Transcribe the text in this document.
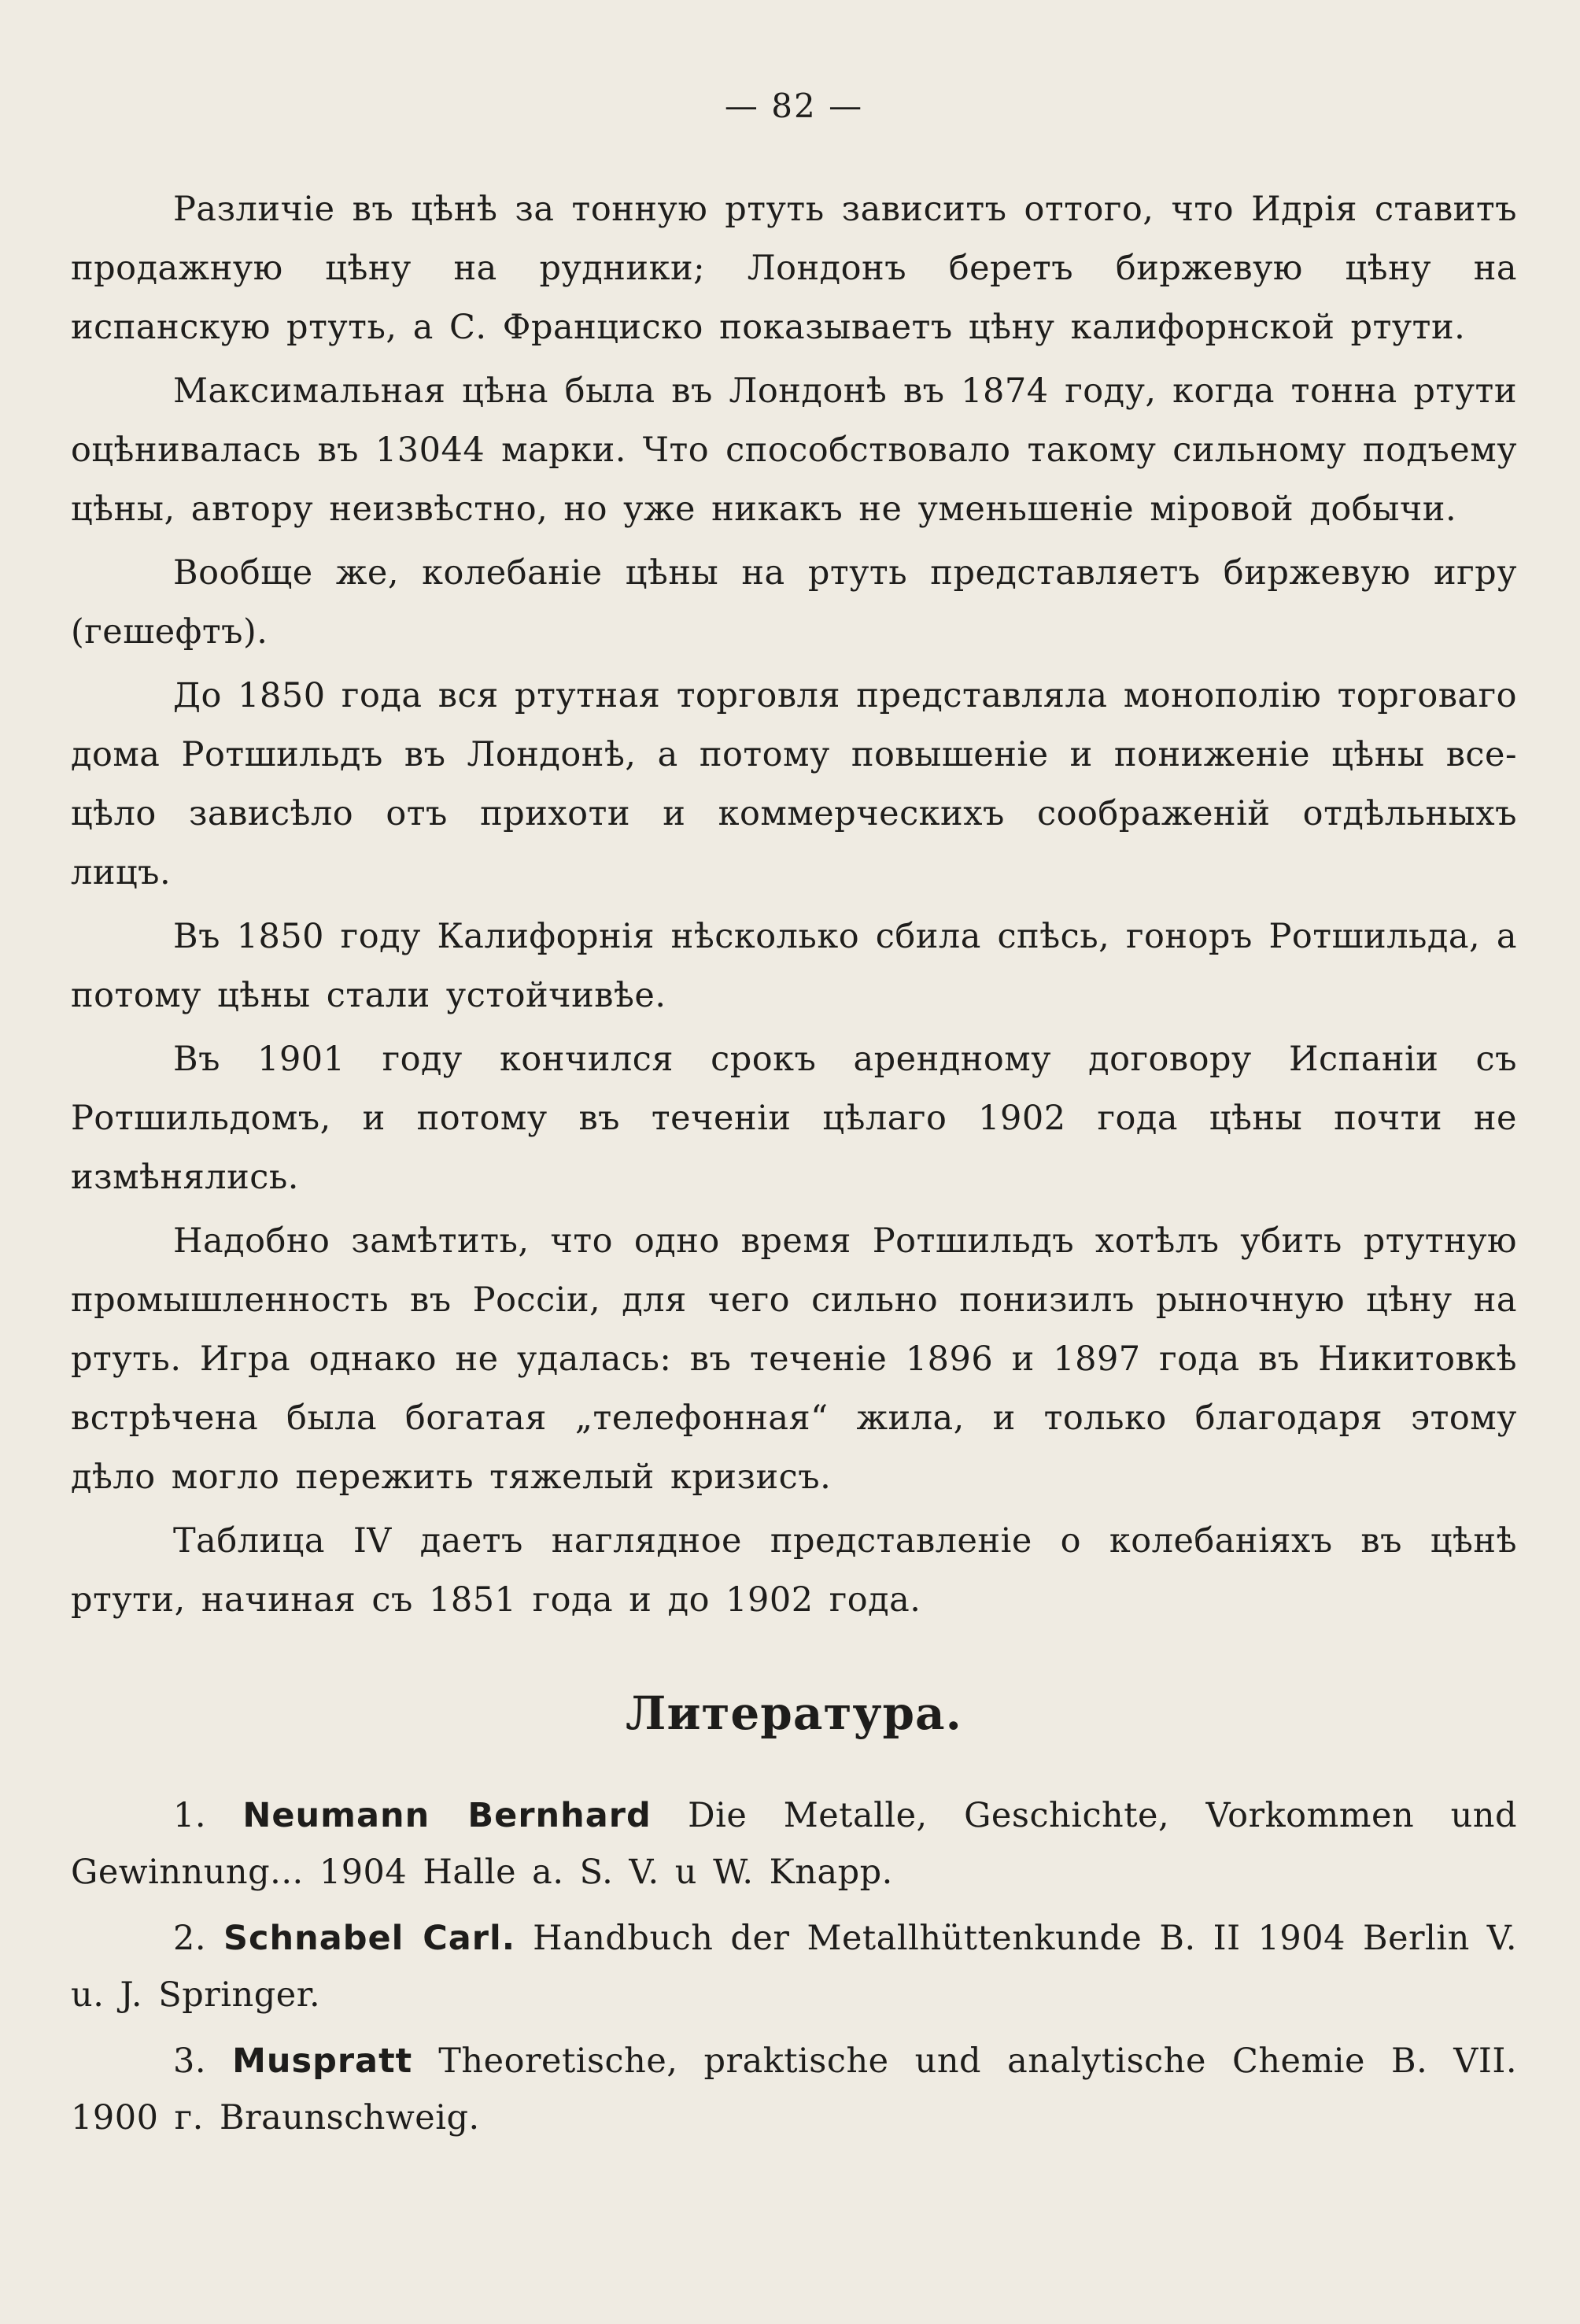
— 82 —

Различіе въ цѣнѣ за тонную ртуть зависитъ оттого, что Идрія ставитъ продажную цѣну на рудники; Лондонъ беретъ биржевую цѣну на испанскую ртуть, а С. Франциско показываетъ цѣну калифорнской ртути.

Максимальная цѣна была въ Лондонѣ въ 1874 году, когда тонна ртути оцѣнивалась въ 13044 марки. Что способствовало такому сильному подъему цѣны, автору неизвѣстно, но уже никакъ не уменьшеніе міровой добычи.

Вообще же, колебаніе цѣны на ртуть представляетъ биржевую игру (гешефтъ).

До 1850 года вся ртутная торговля представляла монополію торговаго дома Ротшильдъ въ Лондонѣ, а потому повышеніе и пониженіе цѣны все-цѣло зависѣло отъ прихоти и коммерческихъ соображеній отдѣльныхъ лицъ.

Въ 1850 году Калифорнія нѣсколько сбила спѣсь, гоноръ Ротшильда, а потому цѣны стали устойчивѣе.

Въ 1901 году кончился срокъ арендному договору Испаніи съ Ротшильдомъ, и потому въ теченіи цѣлаго 1902 года цѣны почти не измѣнялись.

Надобно замѣтить, что одно время Ротшильдъ хотѣлъ убить ртутную промышленность въ Россіи, для чего сильно понизилъ рыночную цѣну на ртуть. Игра однако не удалась: въ теченіе 1896 и 1897 года въ Никитовкѣ встрѣчена была богатая „телефонная“ жила, и только благодаря этому дѣло могло пережить тяжелый кризисъ.

Таблица IV даетъ наглядное представленіе о колебаніяхъ въ цѣнѣ ртути, начиная съ 1851 года и до 1902 года.

Литература.

1. Neumann Bernhard Die Metalle, Geschichte, Vorkommen und Gewinnung... 1904 Halle a. S. V. u W. Knapp.

2. Schnabel Carl. Handbuch der Metallhüttenkunde B. II 1904 Berlin V. u. J. Springer.

3. Muspratt Theoretische, praktische und analytische Chemie B. VII. 1900 г. Braunschweig.
